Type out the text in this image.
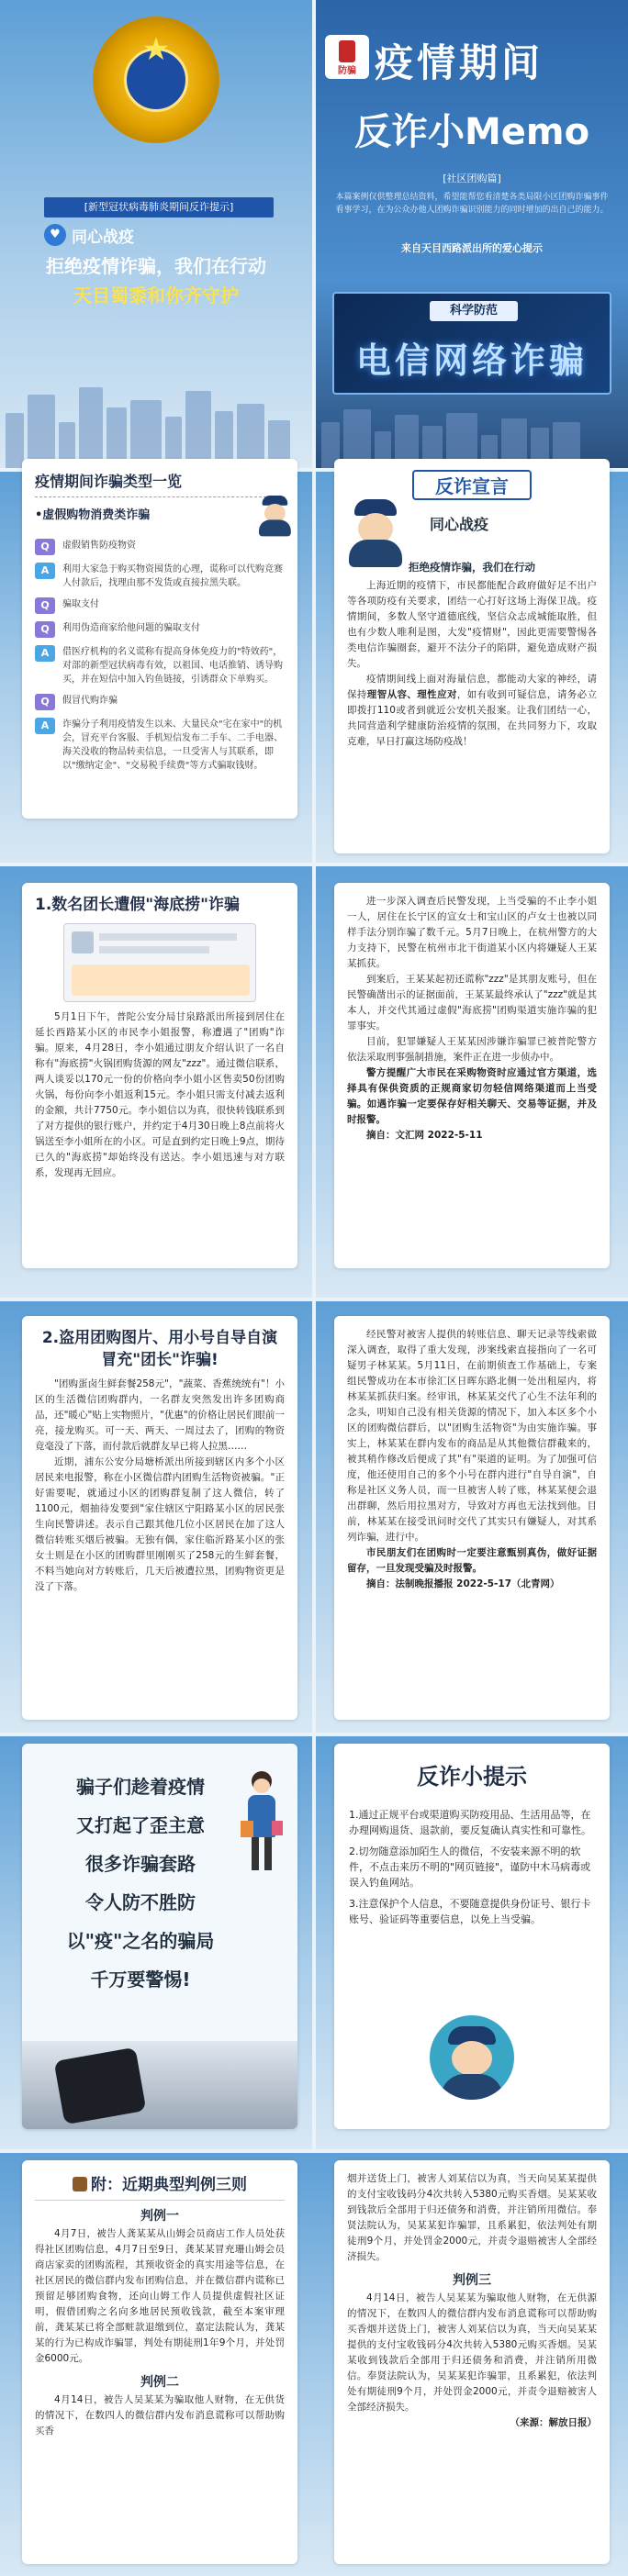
★
[新型冠状病毒肺炎期间反诈提示]
♥ 同心战疫
拒绝疫情诈骗，我们在行动
天目蜀黍和你齐守护
防骗 疫情期间
反诈小Memo
[社区团购篇]
本篇案例仅供整理总结资料，希望能帮您看清楚各类局限小区团购诈骗事件看事学习，在为公众办他人团购诈骗识别能力的同时增加的出自己的能力。
来自天目西路派出所的爱心提示
科学防范
电信网络诈骗
疫情期间诈骗类型一览
•虚假购物消费类诈骗
Q	虚假销售防疫物资
A	利用大家急于购买物资囤货的心理，谎称可以代购竞赛人付款后，找理由那不发货或直接拉黑失联。
Q	骗取支付
Q	利用伪造商家给他问题的骗取支付
A	借医疗机构的名义谎称有提高身体免疫力的"特效药"，对部的新型冠状病毒有效，以祖国、电话推销、诱导购买，并在短信中加入钓鱼链接，引诱群众下单购买。
Q	假冒代购诈骗
A	诈骗分子利用疫情发生以来、大量民众"宅在家中"的机会，冒充平台客服、手机短信发布二手车、二手电器、海关没收的物品转卖信息，一旦受害人与其联系，即以"缴纳定金"、"交易税手续费"等方式骗取钱财。
反诈宣言
同心战疫
拒绝疫情诈骗，我们在行动
上海近期的疫情下，市民都能配合政府做好足不出户等各项防疫有关要求，团结一心打好这场上海保卫战。疫情期间，多数人坚守道德底线，坚信众志成城能取胜，但也有少数人唯利是图，大发"疫情财"，因此更需要警惕各类电信诈骗圈套，避开不法分子的陷阱，避免造成财产损失。
疫情期间线上面对海量信息，都能动大家的神经，请保持理智从容、理性应对，如有收到可疑信息，请务必立即拨打110或者到就近公安机关报案。让我们团结一心，共同营造利学健康防治疫情的氛围，在共同努力下，攻取克难，早日打赢这场防疫战！
1.数名团长遭假"海底捞"诈骗
5月1日下午，普陀公安分局甘泉路派出所接到居住在延长西路某小区的市民李小姐报警，称遭遇了"团购"诈骗。原来，4月28日，李小姐通过朋友介绍认识了一名自称有"海底捞"火锅团购货源的网友"zzz"。通过微信联系，两人谈妥以170元一份的价格向李小姐小区售卖50份团购火锅，每份向李小姐返利15元。李小姐只需支付减去返利的金额，共计7750元。李小姐信以为真，很快转钱联系到了对方提供的银行账户，并约定于4月30日晚上8点前将火锅送至李小姐所在的小区。可是直到约定日晚上9点，期待已久的"海底捞"却始终没有送达。李小姐迅速与对方联系，发现再无回应。
进一步深入调查后民警发现，上当受骗的不止李小姐一人，居住在长宁区的宣女士和宝山区的卢女士也被以同样手法分别诈骗了数千元。5月7日晚上，在杭州警方的大力支持下，民警在杭州市北干街道某小区内将嫌疑人王某某抓获。
到案后，王某某起初还谎称"zzz"是其朋友账号，但在民警确凿出示的证据面前，王某某最终承认了"zzz"就是其本人，并交代其通过虚假"海底捞"团购渠道实施诈骗的犯罪事实。
目前，犯罪嫌疑人王某某因涉嫌诈骗罪已被普陀警方依法采取刑事强制措施，案件正在进一步侦办中。
警方提醒广大市民在采购物资时应通过官方渠道，选择具有保供资质的正规商家切勿轻信网络渠道而上当受骗。如遇诈骗一定要保存好相关聊天、交易等证据，并及时报警。
摘自：文汇网 2022-5-11
2.盗用团购图片、用小号自导自演冒充"团长"诈骗!
"团购蛋卤生鲜套餐258元"，"蔬菜、香蕉统统有"！小区的生活微信团购群内，一名群友突然发出许多团购商品，还"暖心"贴上实物照片，"优惠"的价格让居民们眼前一亮，接龙购买。可一天、两天、一周过去了，团购的物资竟毫没了下落，而付款后就群友早已将人拉黑……
近期，浦东公安分局塘桥派出所接到辖区内多个小区居民来电报警，称在小区微信群内团购生活物资被骗。"正好需要呢，就通过小区的团购群复制了这人微信，转了1100元，烟抽待发要到"家住辖区宁阳路某小区的居民张生向民警讲述。表示自己跟其他几位小区居民在加了这人微信转账买烟后被骗。无独有偶，家住临沂路某小区的张女士则是在小区的团购群里刚刚买了258元的生鲜套餐，不料当她向对方转账后，几天后被遭拉黑，团购物资更是没了下落。
经民警对被害人提供的转账信息、聊天记录等线索做深入调查，取得了重大发现，涉案线索直接指向了一名可疑男子林某某。5月11日，在前期侦查工作基础上，专案组民警成功在本市徐汇区日晖东路北侧一处出租屋内，将林某某抓获归案。经审讯，林某某交代了心生不法年利的念头，明知自己没有相关货源的情况下，加入本区多个小区的团购微信群后，以"团购生活物资"为由实施诈骗。事实上，林某某在群内发布的商品是从其他微信群截来的，被其稍作修改后便成了其"有"渠道的证明。为了加强可信度，他还使用自己的多个小号在群内进行"自导自演"，自称是社区义务人员，而一旦被害人转了账，林某某便会退出群聊，然后用拉黑对方，导致对方再也无法找到他。目前，林某某在接受讯问时交代了其实只有嫌疑人，对其系列诈骗，进行中。
市民朋友们在团购时一定要注意甄别真伪，做好证据留存，一旦发现受骗及时报警。
摘自：法制晚报播报 2022-5-17（北青网）
骗子们趁着疫情
又打起了歪主意
很多诈骗套路
令人防不胜防
以"疫"之名的骗局
千万要警惕!
反诈小提示
1.通过正规平台或渠道购买防疫用品、生活用品等，在办理网购退货、退款前，要反复确认真实性和可靠性。
2.切勿随意添加陌生人的微信，不安装来源不明的软件，不点击来历不明的"网页链接"，谨防中木马病毒或误入钓鱼网站。
3.注意保护个人信息，不要随意提供身份证号、银行卡账号、验证码等重要信息，以免上当受骗。
附：近期典型判例三则
判例一
4月7日，被告人龚某某从山姆会员商店工作人员处获得社区团购信息，4月7日至9日，龚某某冒充珊山姆会员商店家卖的团购流程，其预收资金的真实用途等信息，在社区居民的微信群内发布团购信息，并在微信群内谎称已预留足够团购食物，还向山姆工作人员提供虚假社区证明，假借团购之名向多地居民预收钱款，截至本案审理前，龚某某已将全部赃款退缴到位，嘉定法院认为，龚某某的行为已构成诈骗罪，判处有期徒刑1年9个月，并处罚金6000元。
判例二
4月14日，被告人吴某某为骗取他人财物，在无供货的情况下，在数四人的微信群内发布消息谎称可以帮助购买香
烟并送货上门，被害人刘某信以为真，当天向吴某某提供的支付宝收钱码分4次共转入5380元购买香烟。吴某某收到钱款后全部用于归还债务和消费，并注销所用微信。奉贤法院认为，吴某某犯诈骗罪，且系累犯，依法判处有期徒刑9个月，并处罚金2000元，并责令退赔被害人全部经济损失。
判例三
4月14日，被告人吴某某为骗取他人财物，在无供源的情况下，在数四人的微信群内发布消息谎称可以帮助购买香烟并送货上门，被害人刘某信以为真，当天向吴某某提供的支付宝收钱码分4次共转入5380元购买香烟。吴某某收到钱款后全部用于归还债务和消费，并注销所用微信。奉贤法院认为，吴某某犯诈骗罪，且系累犯，依法判处有期徒刑9个月，并处罚金2000元，并责令退赔被害人全部经济损失。
（来源：解放日报）
